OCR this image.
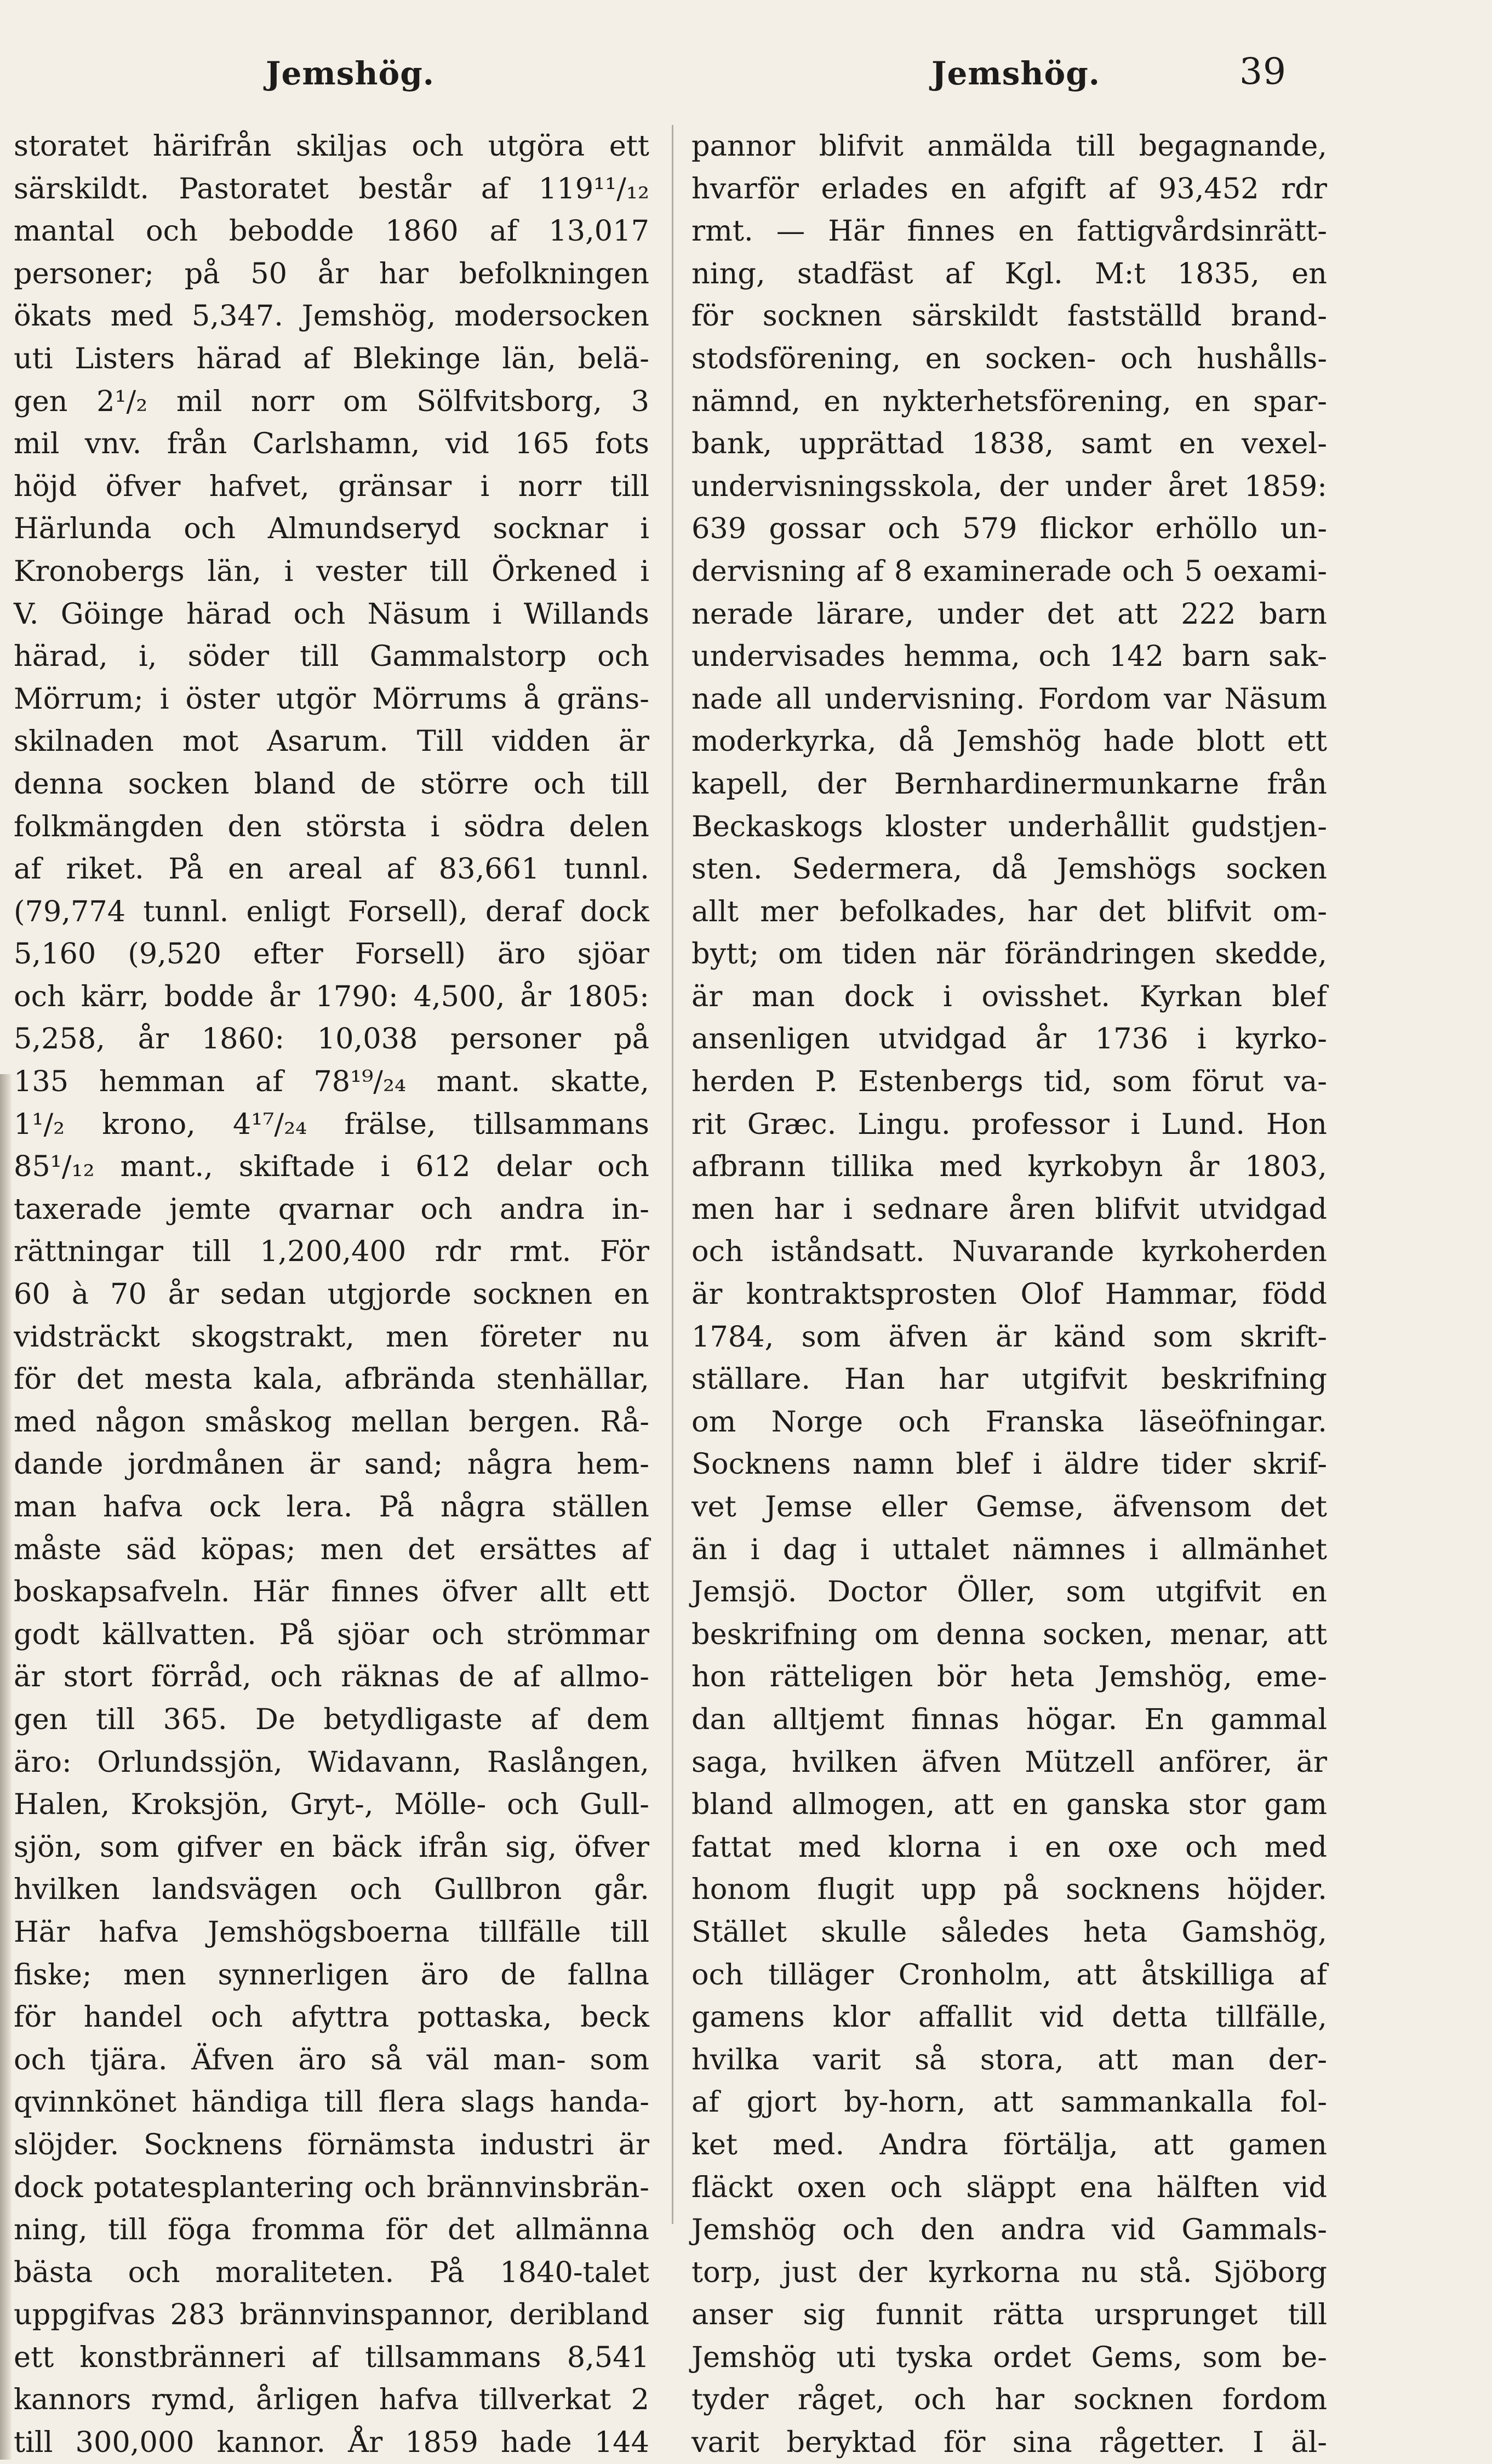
Jemshög.	Jemshög.	39
storatet härifrån skiljas och utgöra ett
särskildt. Pastoratet består af 119¹¹/₁₂
mantal och bebodde 1860 af 13,017
personer; på 50 år har befolkningen
ökats med 5,347. Jemshög, modersocken
uti Listers härad af Blekinge län, belä-
gen 2¹/₂ mil norr om Sölfvitsborg, 3
mil vnv. från Carlshamn, vid 165 fots
höjd öfver hafvet, gränsar i norr till
Härlunda och Almundseryd socknar i
Kronobergs län, i vester till Örkened i
V. Göinge härad och Näsum i Willands
härad, i, söder till Gammalstorp och
Mörrum; i öster utgör Mörrums å gräns-
skilnaden mot Asarum. Till vidden är
denna socken bland de större och till
folkmängden den största i södra delen
af riket. På en areal af 83,661 tunnl.
(79,774 tunnl. enligt Forsell), deraf dock
5,160 (9,520 efter Forsell) äro sjöar
och kärr, bodde år 1790: 4,500, år 1805:
5,258, år 1860: 10,038 personer på
135 hemman af 78¹⁹/₂₄ mant. skatte,
1¹/₂ krono, 4¹⁷/₂₄ frälse, tillsammans
85¹/₁₂ mant., skiftade i 612 delar och
taxerade jemte qvarnar och andra in-
rättningar till 1,200,400 rdr rmt. För
60 à 70 år sedan utgjorde socknen en
vidsträckt skogstrakt, men företer nu
för det mesta kala, afbrända stenhällar,
med någon småskog mellan bergen. Rå-
dande jordmånen är sand; några hem-
man hafva ock lera. På några ställen
måste säd köpas; men det ersättes af
boskapsafveln. Här finnes öfver allt ett
godt källvatten. På sjöar och strömmar
är stort förråd, och räknas de af allmo-
gen till 365. De betydligaste af dem
äro: Orlundssjön, Widavann, Raslången,
Halen, Kroksjön, Gryt-, Mölle- och Gull-
sjön, som gifver en bäck ifrån sig, öfver
hvilken landsvägen och Gullbron går.
Här hafva Jemshögsboerna tillfälle till
fiske; men synnerligen äro de fallna
för handel och afyttra pottaska, beck
och tjära. Äfven äro så väl man- som
qvinnkönet händiga till flera slags handa-
slöjder. Socknens förnämsta industri är
dock potatesplantering och brännvinsbrän-
ning, till föga fromma för det allmänna
bästa och moraliteten. På 1840-talet
uppgifvas 283 brännvinspannor, deribland
ett konstbränneri af tillsammans 8,541
kannors rymd, årligen hafva tillverkat 2
till 300,000 kannor. År 1859 hade 144
pannor blifvit anmälda till begagnande,
hvarför erlades en afgift af 93,452 rdr
rmt. — Här finnes en fattigvårdsinrätt-
ning, stadfäst af Kgl. M:t 1835, en
för socknen särskildt fastställd brand-
stodsförening, en socken- och hushålls-
nämnd, en nykterhetsförening, en spar-
bank, upprättad 1838, samt en vexel-
undervisningsskola, der under året 1859:
639 gossar och 579 flickor erhöllo un-
dervisning af 8 examinerade och 5 oexami-
nerade lärare, under det att 222 barn
undervisades hemma, och 142 barn sak-
nade all undervisning. Fordom var Näsum
moderkyrka, då Jemshög hade blott ett
kapell, der Bernhardinermunkarne från
Beckaskogs kloster underhållit gudstjen-
sten. Sedermera, då Jemshögs socken
allt mer befolkades, har det blifvit om-
bytt; om tiden när förändringen skedde,
är man dock i ovisshet. Kyrkan blef
ansenligen utvidgad år 1736 i kyrko-
herden P. Estenbergs tid, som förut va-
rit Græc. Lingu. professor i Lund. Hon
afbrann tillika med kyrkobyn år 1803,
men har i sednare åren blifvit utvidgad
och iståndsatt. Nuvarande kyrkoherden
är kontraktsprosten Olof Hammar, född
1784, som äfven är känd som skrift-
ställare. Han har utgifvit beskrifning
om Norge och Franska läseöfningar.
Socknens namn blef i äldre tider skrif-
vet Jemse eller Gemse, äfvensom det
än i dag i uttalet nämnes i allmänhet
Jemsjö. Doctor Öller, som utgifvit en
beskrifning om denna socken, menar, att
hon rätteligen bör heta Jemshög, eme-
dan alltjemt finnas högar. En gammal
saga, hvilken äfven Mützell anförer, är
bland allmogen, att en ganska stor gam
fattat med klorna i en oxe och med
honom flugit upp på socknens höjder.
Stället skulle således heta Gamshög,
och tilläger Cronholm, att åtskilliga af
gamens klor affallit vid detta tillfälle,
hvilka varit så stora, att man der-
af gjort by-horn, att sammankalla fol-
ket med. Andra förtälja, att gamen
fläckt oxen och släppt ena hälften vid
Jemshög och den andra vid Gammals-
torp, just der kyrkorna nu stå. Sjöborg
anser sig funnit rätta ursprunget till
Jemshög uti tyska ordet Gems, som be-
tyder råget, och har socknen fordom
varit beryktad för sina rågetter. I äl-
